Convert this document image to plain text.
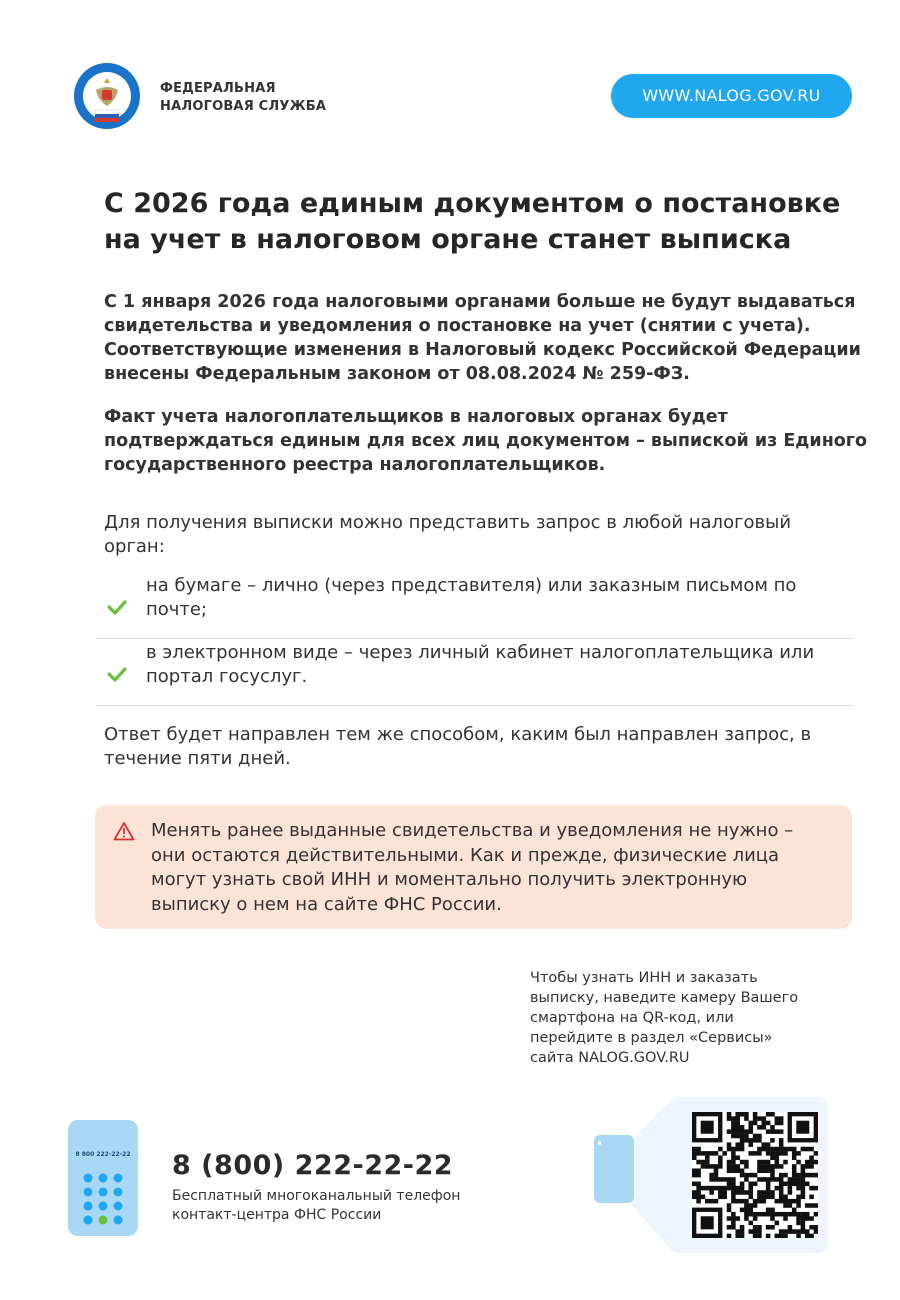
ФЕДЕРАЛЬНАЯ
НАЛОГОВАЯ СЛУЖБА
WWW.NALOG.GOV.RU
С 2026 года единым документом о постановке на учет в налоговом органе станет выписка
С 1 января 2026 года налоговыми органами больше не будут выдаваться свидетельства и уведомления о постановке на учет (снятии с учета). Соответствующие изменения в Налоговый кодекс Российской Федерации внесены Федеральным законом от 08.08.2024 № 259-ФЗ.
Факт учета налогоплательщиков в налоговых органах будет подтверждаться единым для всех лиц документом – выпиской из Единого государственного реестра налогоплательщиков.
Для получения выписки можно представить запрос в любой налоговый орган:
на бумаге – лично (через представителя) или заказным письмом по почте;
в электронном виде – через личный кабинет налогоплательщика или портал госуслуг.
Ответ будет направлен тем же способом, каким был направлен запрос, в течение пяти дней.
Менять ранее выданные свидетельства и уведомления не нужно – они остаются действительными. Как и прежде, физические лица могут узнать свой ИНН и моментально получить электронную выписку о нем на сайте ФНС России.
Чтобы узнать ИНН и заказать выписку, наведите камеру Вашего смартфона на QR-код, или перейдите в раздел «Сервисы» сайта NALOG.GOV.RU
8 800 222-22-22 8 (800) 222-22-22
Бесплатный многоканальный телефон
контакт-центра ФНС России
